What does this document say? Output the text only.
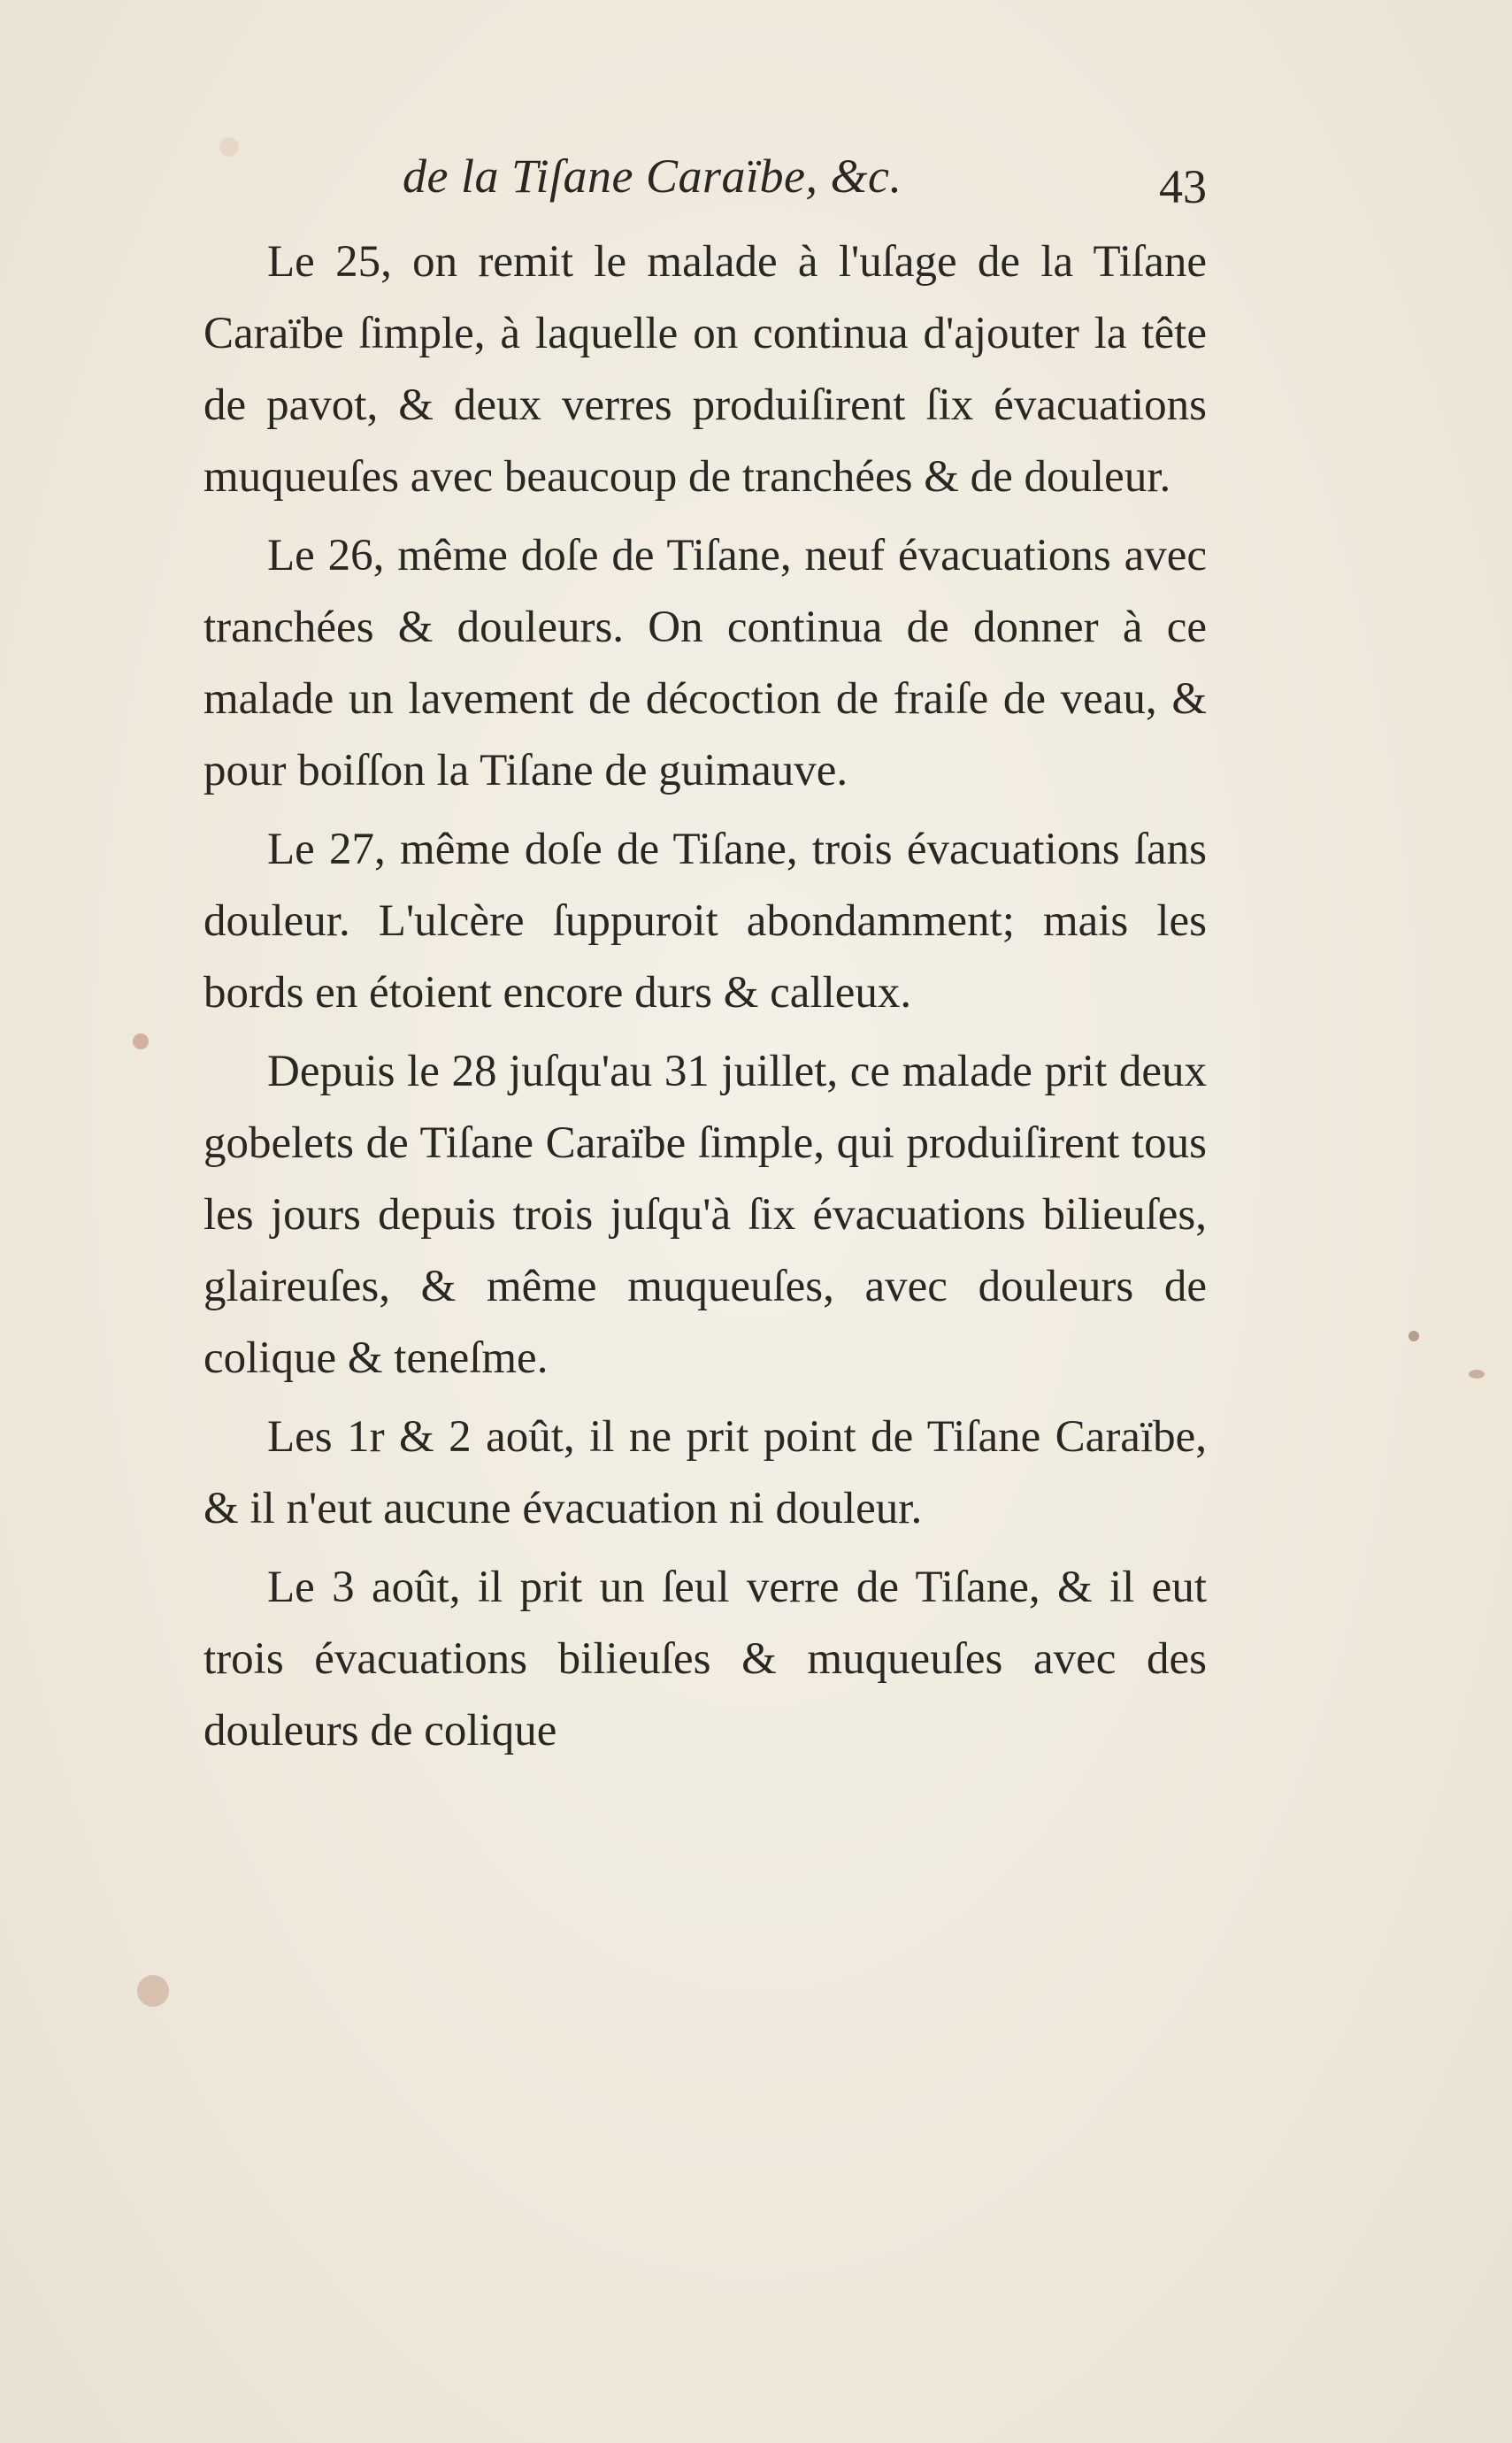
de la Tiſane Caraïbe, &c.	43

Le 25, on remit le malade à l'uſage de la Tiſane Caraïbe ſimple, à laquelle on continua d'ajouter la tête de pavot, & deux verres produiſirent ſix évacuations muqueuſes avec beaucoup de tranchées & de douleur.

Le 26, même doſe de Tiſane, neuf évacuations avec tranchées & douleurs. On continua de donner à ce malade un lavement de décoction de fraiſe de veau, & pour boiſſon la Tiſane de guimauve.

Le 27, même doſe de Tiſane, trois évacuations ſans douleur. L'ulcère ſuppuroit abondamment; mais les bords en étoient encore durs & calleux.

Depuis le 28 juſqu'au 31 juillet, ce malade prit deux gobelets de Tiſane Caraïbe ſimple, qui produiſirent tous les jours depuis trois juſqu'à ſix évacuations bilieuſes, glaireuſes, & même muqueuſes, avec douleurs de colique & teneſme.

Les 1r & 2 août, il ne prit point de Tiſane Caraïbe, & il n'eut aucune évacuation ni douleur.

Le 3 août, il prit un ſeul verre de Tiſane, & il eut trois évacuations bilieuſes & muqueuſes avec des douleurs de colique
